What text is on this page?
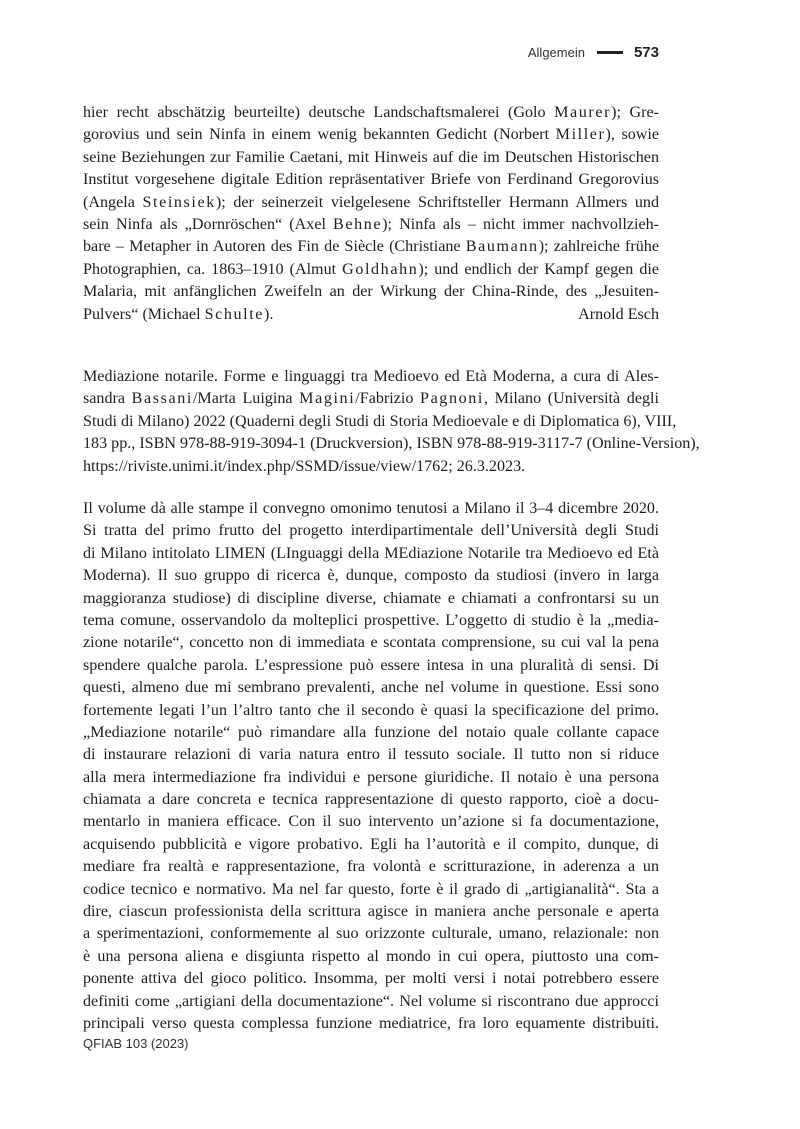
Allgemein	573
hier recht abschätzig beurteilte) deutsche Landschaftsmalerei (Golo Maurer); Gre-
gorovius und sein Ninfa in einem wenig bekannten Gedicht (Norbert Miller), sowie
seine Beziehungen zur Familie Caetani, mit Hinweis auf die im Deutschen Historischen
Institut vorgesehene digitale Edition repräsentativer Briefe von Ferdinand Gregorovius
(Angela Steinsiek); der seinerzeit vielgelesene Schriftsteller Hermann Allmers und
sein Ninfa als „Dornröschen“ (Axel Behne); Ninfa als – nicht immer nachvollzieh-
bare – Metapher in Autoren des Fin de Siècle (Christiane Baumann); zahlreiche frühe
Photographien, ca. 1863–1910 (Almut Goldhahn); und endlich der Kampf gegen die
Malaria, mit anfänglichen Zweifeln an der Wirkung der China-Rinde, des „Jesuiten-
Pulvers“ (Michael Schulte).	Arnold Esch
Mediazione notarile. Forme e linguaggi tra Medioevo ed Età Moderna, a cura di Ales-
sandra Bassani/Marta Luigina Magini/Fabrizio Pagnoni, Milano (Università degli
Studi di Milano) 2022 (Quaderni degli Studi di Storia Medioevale e di Diplomatica 6), VIII,
183 pp., ISBN 978-88-919-3094-1 (Druckversion), ISBN 978-88-919-3117-7 (Online-Version),
https://riviste.unimi.it/index.php/SSMD/issue/view/1762; 26.3.2023.
Il volume dà alle stampe il convegno omonimo tenutosi a Milano il 3–4 dicembre 2020.
Si tratta del primo frutto del progetto interdipartimentale dell’Università degli Studi
di Milano intitolato LIMEN (LInguaggi della MEdiazione Notarile tra Medioevo ed Età
Moderna). Il suo gruppo di ricerca è, dunque, composto da studiosi (invero in larga
maggioranza studiose) di discipline diverse, chiamate e chiamati a confrontarsi su un
tema comune, osservandolo da molteplici prospettive. L’oggetto di studio è la „media-
zione notarile“, concetto non di immediata e scontata comprensione, su cui val la pena
spendere qualche parola. L’espressione può essere intesa in una pluralità di sensi. Di
questi, almeno due mi sembrano prevalenti, anche nel volume in questione. Essi sono
fortemente legati l’un l’altro tanto che il secondo è quasi la specificazione del primo.
„Mediazione notarile“ può rimandare alla funzione del notaio quale collante capace
di instaurare relazioni di varia natura entro il tessuto sociale. Il tutto non si riduce
alla mera intermediazione fra individui e persone giuridiche. Il notaio è una persona
chiamata a dare concreta e tecnica rappresentazione di questo rapporto, cioè a docu-
mentarlo in maniera efficace. Con il suo intervento un’azione si fa documentazione,
acquisendo pubblicità e vigore probativo. Egli ha l’autorità e il compito, dunque, di
mediare fra realtà e rappresentazione, fra volontà e scritturazione, in aderenza a un
codice tecnico e normativo. Ma nel far questo, forte è il grado di „artigianalità“. Sta a
dire, ciascun professionista della scrittura agisce in maniera anche personale e aperta
a sperimentazioni, conformemente al suo orizzonte culturale, umano, relazionale: non
è una persona aliena e disgiunta rispetto al mondo in cui opera, piuttosto una com-
ponente attiva del gioco politico. Insomma, per molti versi i notai potrebbero essere
definiti come „artigiani della documentazione“. Nel volume si riscontrano due approcci
principali verso questa complessa funzione mediatrice, fra loro equamente distribuiti.
QFIAB 103 (2023)
